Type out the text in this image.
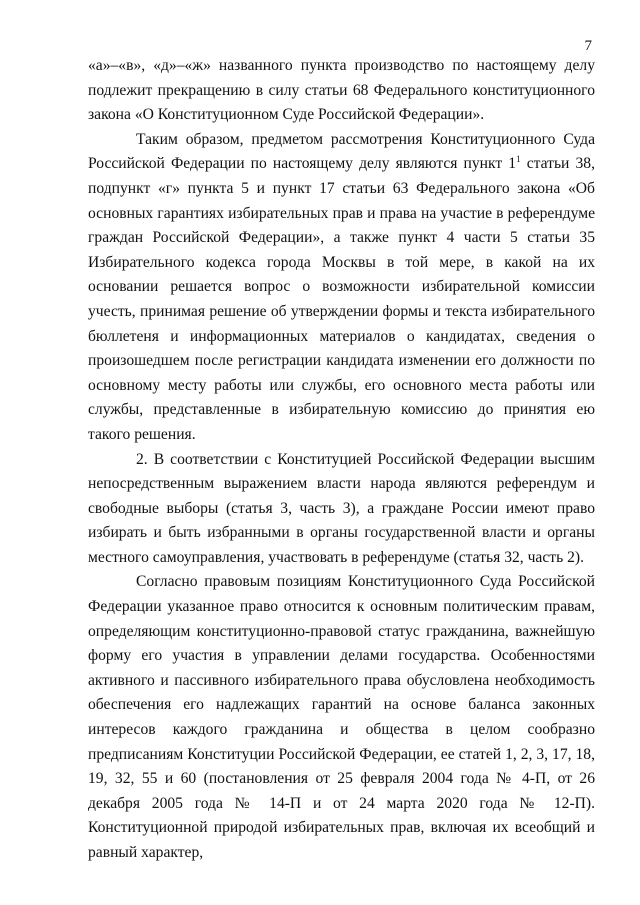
7

«а»–«в», «д»–«ж» названного пункта производство по настоящему делу подлежит прекращению в силу статьи 68 Федерального конституционного закона «О Конституционном Суде Российской Федерации».

Таким образом, предметом рассмотрения Конституционного Суда Российской Федерации по настоящему делу являются пункт $1^1$ статьи 38, подпункт «г» пункта 5 и пункт 17 статьи 63 Федерального закона «Об основных гарантиях избирательных прав и права на участие в референдуме граждан Российской Федерации», а также пункт 4 части 5 статьи 35 Избирательного кодекса города Москвы в той мере, в какой на их основании решается вопрос о возможности избирательной комиссии учесть, принимая решение об утверждении формы и текста избирательного бюллетеня и информационных материалов о кандидатах, сведения о произошедшем после регистрации кандидата изменении его должности по основному месту работы или службы, его основного места работы или службы, представленные в избирательную комиссию до принятия ею такого решения.

2. В соответствии с Конституцией Российской Федерации высшим непосредственным выражением власти народа являются референдум и свободные выборы (статья 3, часть 3), а граждане России имеют право избирать и быть избранными в органы государственной власти и органы местного самоуправления, участвовать в референдуме (статья 32, часть 2).

Согласно правовым позициям Конституционного Суда Российской Федерации указанное право относится к основным политическим правам, определяющим конституционно-правовой статус гражданина, важнейшую форму его участия в управлении делами государства. Особенностями активного и пассивного избирательного права обусловлена необходимость обеспечения его надлежащих гарантий на основе баланса законных интересов каждого гражданина и общества в целом сообразно предписаниям Конституции Российской Федерации, ее статей 1, 2, 3, 17, 18, 19, 32, 55 и 60 (постановления от 25 февраля 2004 года № 4-П, от 26 декабря 2005 года № 14-П и от 24 марта 2020 года № 12-П). Конституционной природой избирательных прав, включая их всеобщий и равный характер,
